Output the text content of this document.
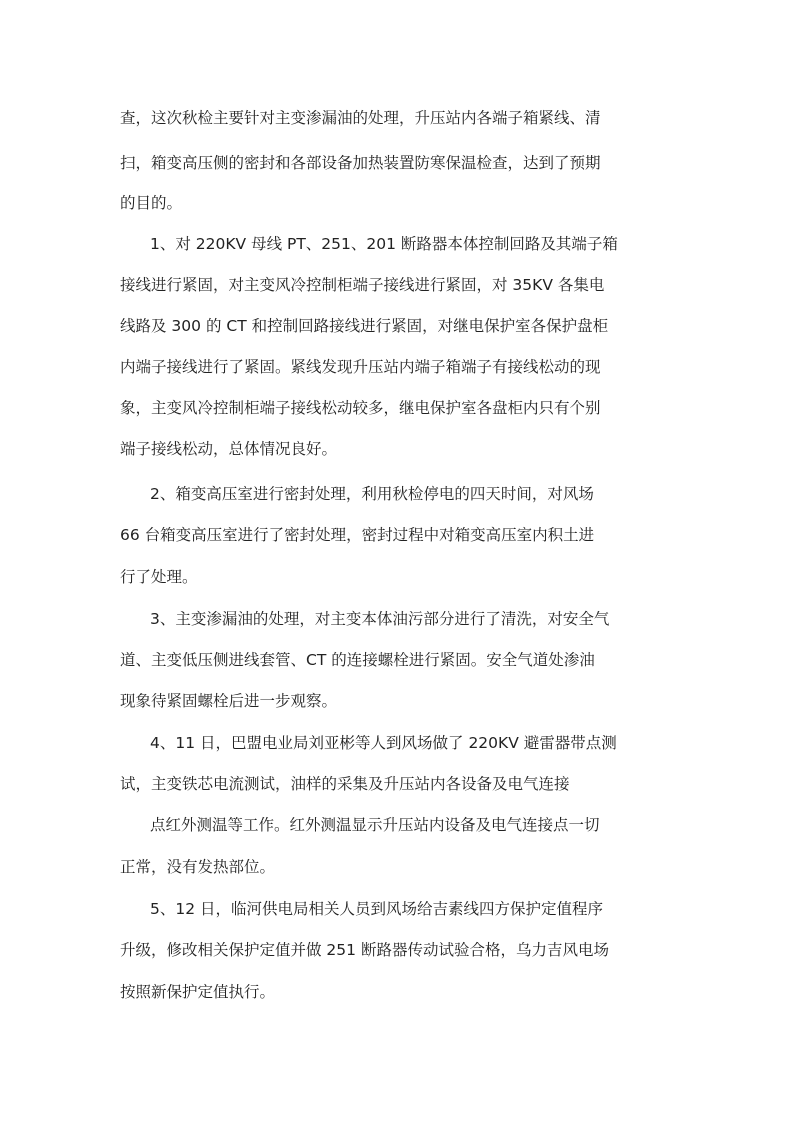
查，这次秋检主要针对主变渗漏油的处理，升压站内各端子箱紧线、清
扫，箱变高压侧的密封和各部设备加热装置防寒保温检查，达到了预期
的目的。
1、对 220KV 母线 PT、251、201 断路器本体控制回路及其端子箱
接线进行紧固，对主变风冷控制柜端子接线进行紧固，对 35KV 各集电
线路及 300 的 CT 和控制回路接线进行紧固，对继电保护室各保护盘柜
内端子接线进行了紧固。紧线发现升压站内端子箱端子有接线松动的现
象，主变风冷控制柜端子接线松动较多，继电保护室各盘柜内只有个别
端子接线松动，总体情况良好。
2、箱变高压室进行密封处理，利用秋检停电的四天时间，对风场
66 台箱变高压室进行了密封处理，密封过程中对箱变高压室内积土进
行了处理。
3、主变渗漏油的处理，对主变本体油污部分进行了清洗，对安全气
道、主变低压侧进线套管、CT 的连接螺栓进行紧固。安全气道处渗油
现象待紧固螺栓后进一步观察。
4、11 日，巴盟电业局刘亚彬等人到风场做了 220KV 避雷器带点测
试，主变铁芯电流测试，油样的采集及升压站内各设备及电气连接
点红外测温等工作。红外测温显示升压站内设备及电气连接点一切
正常，没有发热部位。
5、12 日，临河供电局相关人员到风场给吉素线四方保护定值程序
升级，修改相关保护定值并做 251 断路器传动试验合格，乌力吉风电场
按照新保护定值执行。
